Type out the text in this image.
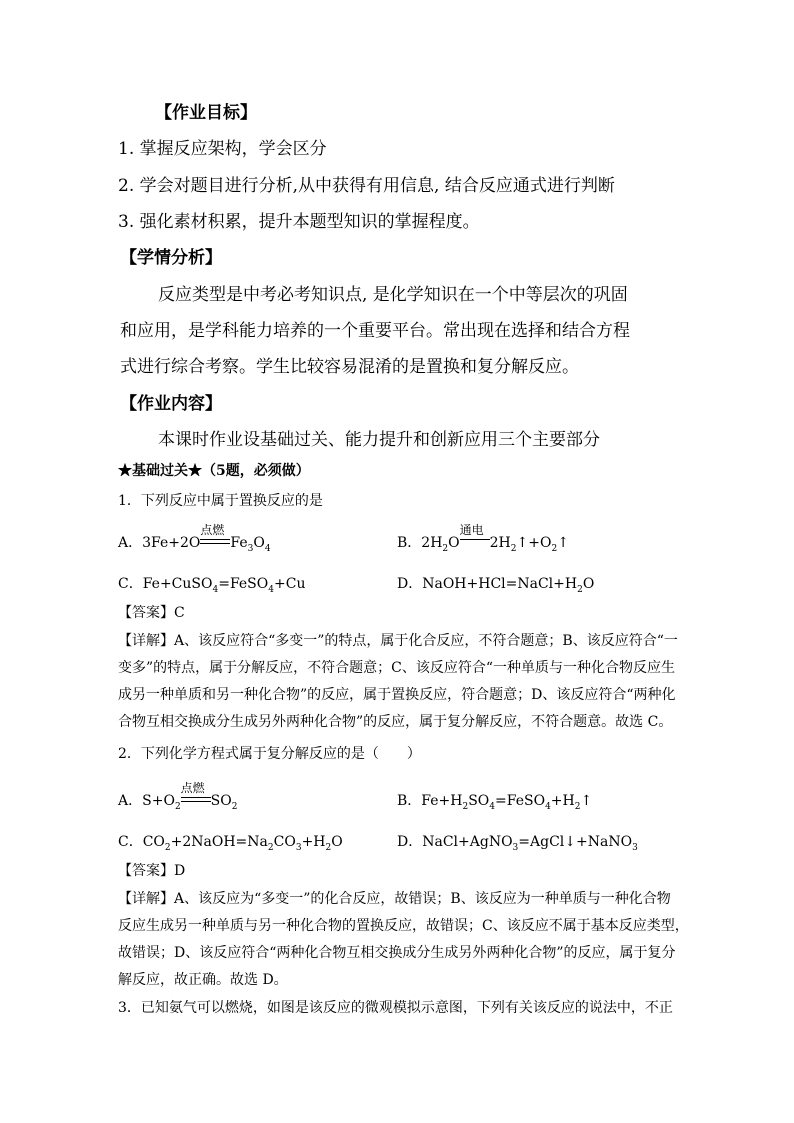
【作业目标】
1. 掌握反应架构，学会区分
2. 学会对题目进行分析,从中获得有用信息, 结合反应通式进行判断
3. 强化素材积累，提升本题型知识的掌握程度。
【学情分析】
反应类型是中考必考知识点, 是化学知识在一个中等层次的巩固
和应用，是学科能力培养的一个重要平台。常出现在选择和结合方程
式进行综合考察。学生比较容易混淆的是置换和复分解反应。
【作业内容】
本课时作业设基础过关、能力提升和创新应用三个主要部分
★基础过关★（5题，必须做）
1．下列反应中属于置换反应的是
A．3Fe+2O
点燃
$Fe_3O_4$	B．$2H_2O$
通电
$2H_2↑+O_2↑$
C．Fe+CuSO$_4$=FeSO$_4$+Cu	D．$NaOH+HCl=NaCl+H_2O$
【答案】C
【详解】A、该反应符合“多变一”的特点，属于化合反应，不符合题意；B、该反应符合“一
变多”的特点，属于分解反应，不符合题意；C、该反应符合“一种单质与一种化合物反应生
成另一种单质和另一种化合物”的反应，属于置换反应，符合题意；D、该反应符合“两种化
合物互相交换成分生成另外两种化合物”的反应，属于复分解反应，不符合题意。故选 C。
2．下列化学方程式属于复分解反应的是（　　）
A．$S+O_2$
点燃
$SO_2$	B．$Fe+H_2SO_4=FeSO_4+H_2↑$
C．$CO_2+2NaOH=Na_2CO_3+H_2O$	D．NaCl+AgNO$_3$=AgCl↓+NaNO$_3$
【答案】D
【详解】A、该反应为“多变一”的化合反应，故错误；B、该反应为一种单质与一种化合物
反应生成另一种单质与另一种化合物的置换反应，故错误；C、该反应不属于基本反应类型，
故错误；D、该反应符合“两种化合物互相交换成分生成另外两种化合物”的反应，属于复分
解反应，故正确。故选 D。
3．已知氨气可以燃烧，如图是该反应的微观模拟示意图，下列有关该反应的说法中，不正
